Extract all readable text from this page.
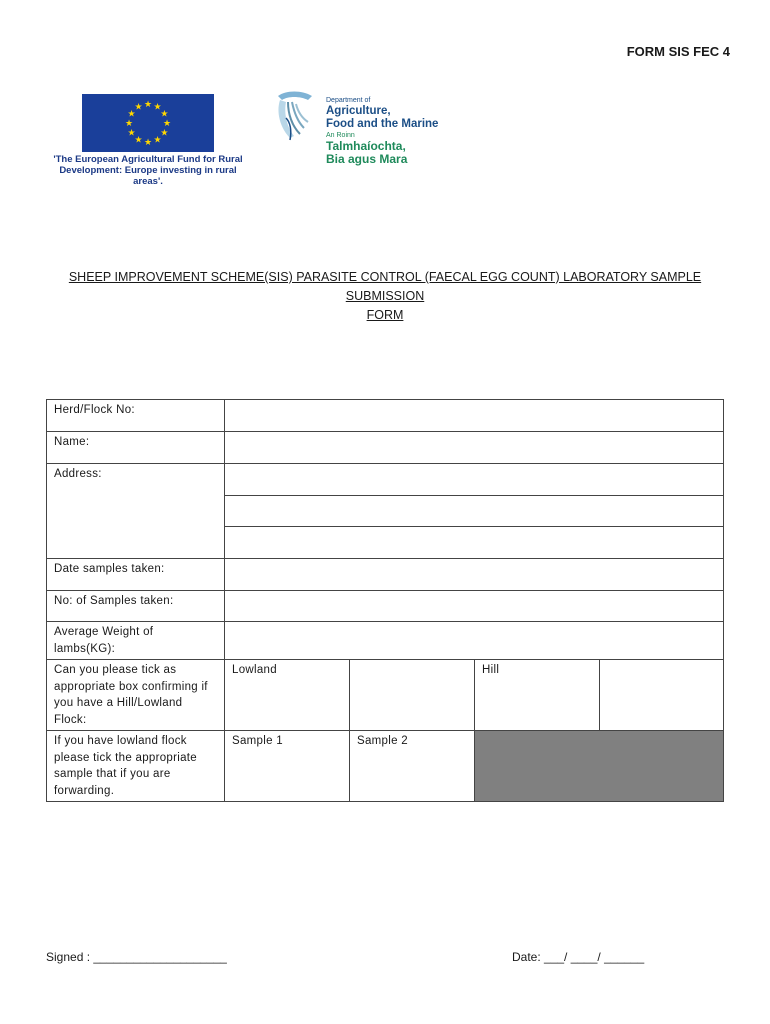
FORM SIS FEC 4
★ ★
★
★
★
★
★
★
★
★
★
★
'The European Agricultural Fund for Rural Development: Europe investing in rural areas'.
Department of
Agriculture,
Food and the Marine
An Roinn
Talmhaíochta,
Bia agus Mara
SHEEP IMPROVEMENT SCHEME(SIS) PARASITE CONTROL (FAECAL EGG COUNT) LABORATORY SAMPLE SUBMISSION
FORM
Herd/Flock No:				
Name:				
Address:				

Date samples taken:				
No: of Samples taken:				
Average Weight of lambs(KG):				
Can you please tick as appropriate box confirming if you have a Hill/Lowland Flock:	Lowland		Hill	
If you have lowland flock please tick the appropriate sample that if you are forwarding.	Sample 1	Sample 2		
Signed : ____________________	Date: ___/ ____/ ______
